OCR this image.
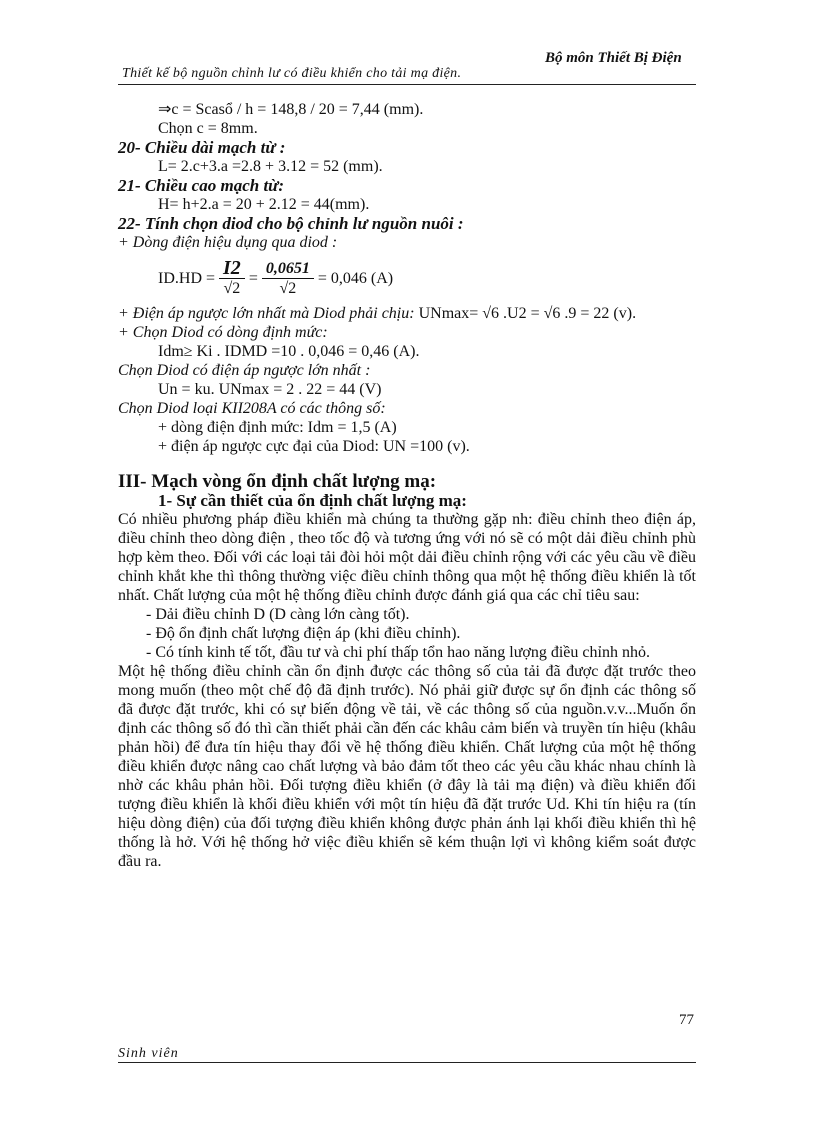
Bộ môn Thiết Bị Điện
Thiết kế bộ nguồn chỉnh lư có điều khiển cho tải mạ điện.
⇒c = Scasổ / h = 148,8 / 20 = 7,44 (mm).
Chọn c = 8mm.
20- Chiều dài mạch từ :
L= 2.c+3.a =2.8 + 3.12 = 52 (mm).
21- Chiều cao mạch từ:
H= h+2.a = 20 + 2.12 = 44(mm).
22- Tính chọn diod cho bộ chỉnh lư nguồn nuôi :
+ Dòng điện hiệu dụng qua diod :
$ID.HD = \frac{I2}{√2} = \frac{0,0651}{√2} = 0,046$ (A)
+ Điện áp ngược lớn nhất mà Diod phải chịu: UNmax= √6 .U2 = √6 .9 = 22 (v).
+ Chọn Diod có dòng định mức:
Idm≥ Ki . IDMD =10 . 0,046 = 0,46 (A).
Chọn Diod có điện áp ngược lớn nhất :
Un = ku. UNmax = 2 . 22 = 44 (V)
Chọn Diod loại KII208A có các thông số:
+ dòng điện định mức: Idm = 1,5 (A)
+ điện áp ngược cực đại của Diod: UN =100 (v).
III- Mạch vòng ổn định chất lượng mạ:
1- Sự cần thiết của ổn định chất lượng mạ:

Có nhiều phương pháp điều khiển mà chúng ta thường gặp nh: điều chỉnh theo điện áp, điều chỉnh theo dòng điện , theo tốc độ và tương ứng với nó sẽ có một dải điều chỉnh phù hợp kèm theo. Đối với các loại tải đòi hỏi một dải điều chỉnh rộng với các yêu cầu về điều chỉnh khắt khe thì thông thường việc điều chỉnh thông qua một hệ thống điều khiển là tốt nhất. Chất lượng của một hệ thống điều chỉnh được đánh giá qua các chỉ tiêu sau:

- Dải điều chỉnh D (D càng lớn càng tốt).
- Độ ổn định chất lượng điện áp (khi điều chỉnh).
- Có tính kinh tế tốt, đầu tư và chi phí thấp tổn hao năng lượng điều chỉnh nhỏ.

Một hệ thống điều chỉnh cần ổn định được các thông số của tải đã được đặt trước theo mong muốn (theo một chế độ đã định trước). Nó phải giữ được sự ổn định các thông số đã được đặt trước, khi có sự biến động về tải, về các thông số của nguồn.v.v...Muốn ổn định các thông số đó thì cần thiết phải cần đến các khâu cảm biến và truyền tín hiệu (khâu phản hồi) để đưa tín hiệu thay đổi về hệ thống điều khiển. Chất lượng của một hệ thống điều khiển được nâng cao chất lượng và bảo đảm tốt theo các yêu cầu khác nhau chính là nhờ các khâu phản hồi. Đối tượng điều khiển (ở đây là tải mạ điện) và điều khiển đối tượng điều khiển là khối điều khiển với một tín hiệu đã đặt trước Ud. Khi tín hiệu ra (tín hiệu dòng điện) của đối tượng điều khiển không được phản ánh lại khối điều khiển thì hệ thống là hở. Với hệ thống hở việc điều khiển sẽ kém thuận lợi vì không kiểm soát được đầu ra.

77
Sinh viên
